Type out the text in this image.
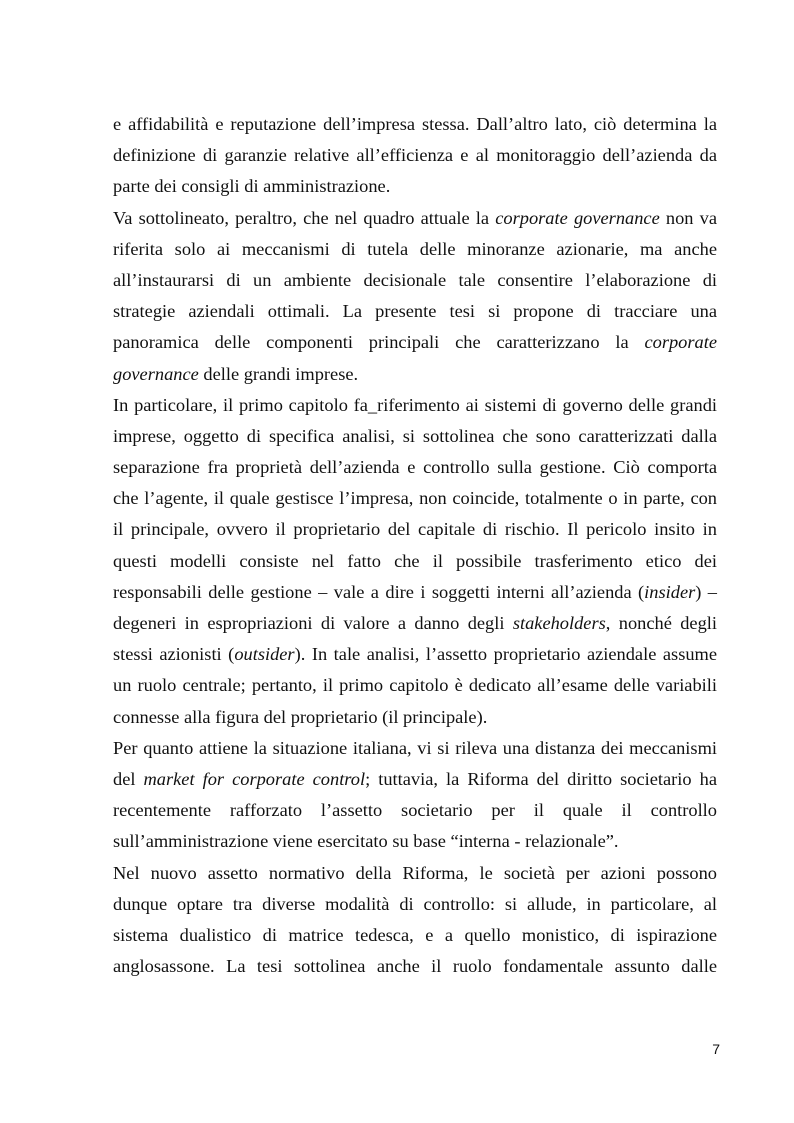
e affidabilità e reputazione dell’impresa stessa. Dall’altro lato, ciò determina la
definizione di garanzie relative all’efficienza e al monitoraggio dell’azienda da
parte dei consigli di amministrazione.
Va sottolineato, peraltro, che nel quadro attuale la corporate governance non va
riferita solo ai meccanismi di tutela delle minoranze azionarie, ma anche
all’instaurarsi di un ambiente decisionale tale consentire l’elaborazione di
strategie aziendali ottimali. La presente tesi si propone di tracciare una
panoramica delle componenti principali che caratterizzano la corporate
governance delle grandi imprese.
In particolare, il primo capitolo fa_riferimento ai sistemi di governo delle grandi
imprese, oggetto di specifica analisi, si sottolinea che sono caratterizzati dalla
separazione fra proprietà dell’azienda e controllo sulla gestione. Ciò comporta
che l’agente, il quale gestisce l’impresa, non coincide, totalmente o in parte, con
il principale, ovvero il proprietario del capitale di rischio. Il pericolo insito in
questi modelli consiste nel fatto che il possibile trasferimento etico dei
responsabili delle gestione – vale a dire i soggetti interni all’azienda (insider) –
degeneri in espropriazioni di valore a danno degli stakeholders, nonché degli
stessi azionisti (outsider). In tale analisi, l’assetto proprietario aziendale assume
un ruolo centrale; pertanto, il primo capitolo è dedicato all’esame delle variabili
connesse alla figura del proprietario (il principale).
Per quanto attiene la situazione italiana, vi si rileva una distanza dei meccanismi
del market for corporate control; tuttavia, la Riforma del diritto societario ha
recentemente rafforzato l’assetto societario per il quale il controllo
sull’amministrazione viene esercitato su base “interna - relazionale”.
Nel nuovo assetto normativo della Riforma, le società per azioni possono
dunque optare tra diverse modalità di controllo: si allude, in particolare, al
sistema dualistico di matrice tedesca, e a quello monistico, di ispirazione
anglosassone. La tesi sottolinea anche il ruolo fondamentale assunto dalle
7
